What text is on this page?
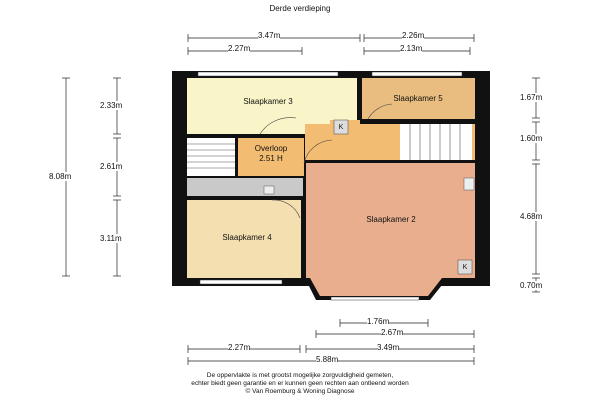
Derde verdieping
Slaapkamer 3	Slaapkamer 5
Overloop
2.51 H
Slaapkamer 2
Slaapkamer 4
K
K
3.47m
2.27m
2.26m
2.13m
8.08m
2.33m
2.61m
3.11m
1.67m
1.60m
4.68m
0.70m
1.76m
2.67m
2.27m	3.49m
5.88m
De oppervlakte is met grootst mogelijke zorgvuldigheid gemeten,
echter biedt geen garantie en er kunnen geen rechten aan ontleend worden
© Van Roemburg & Woning Diagnose
